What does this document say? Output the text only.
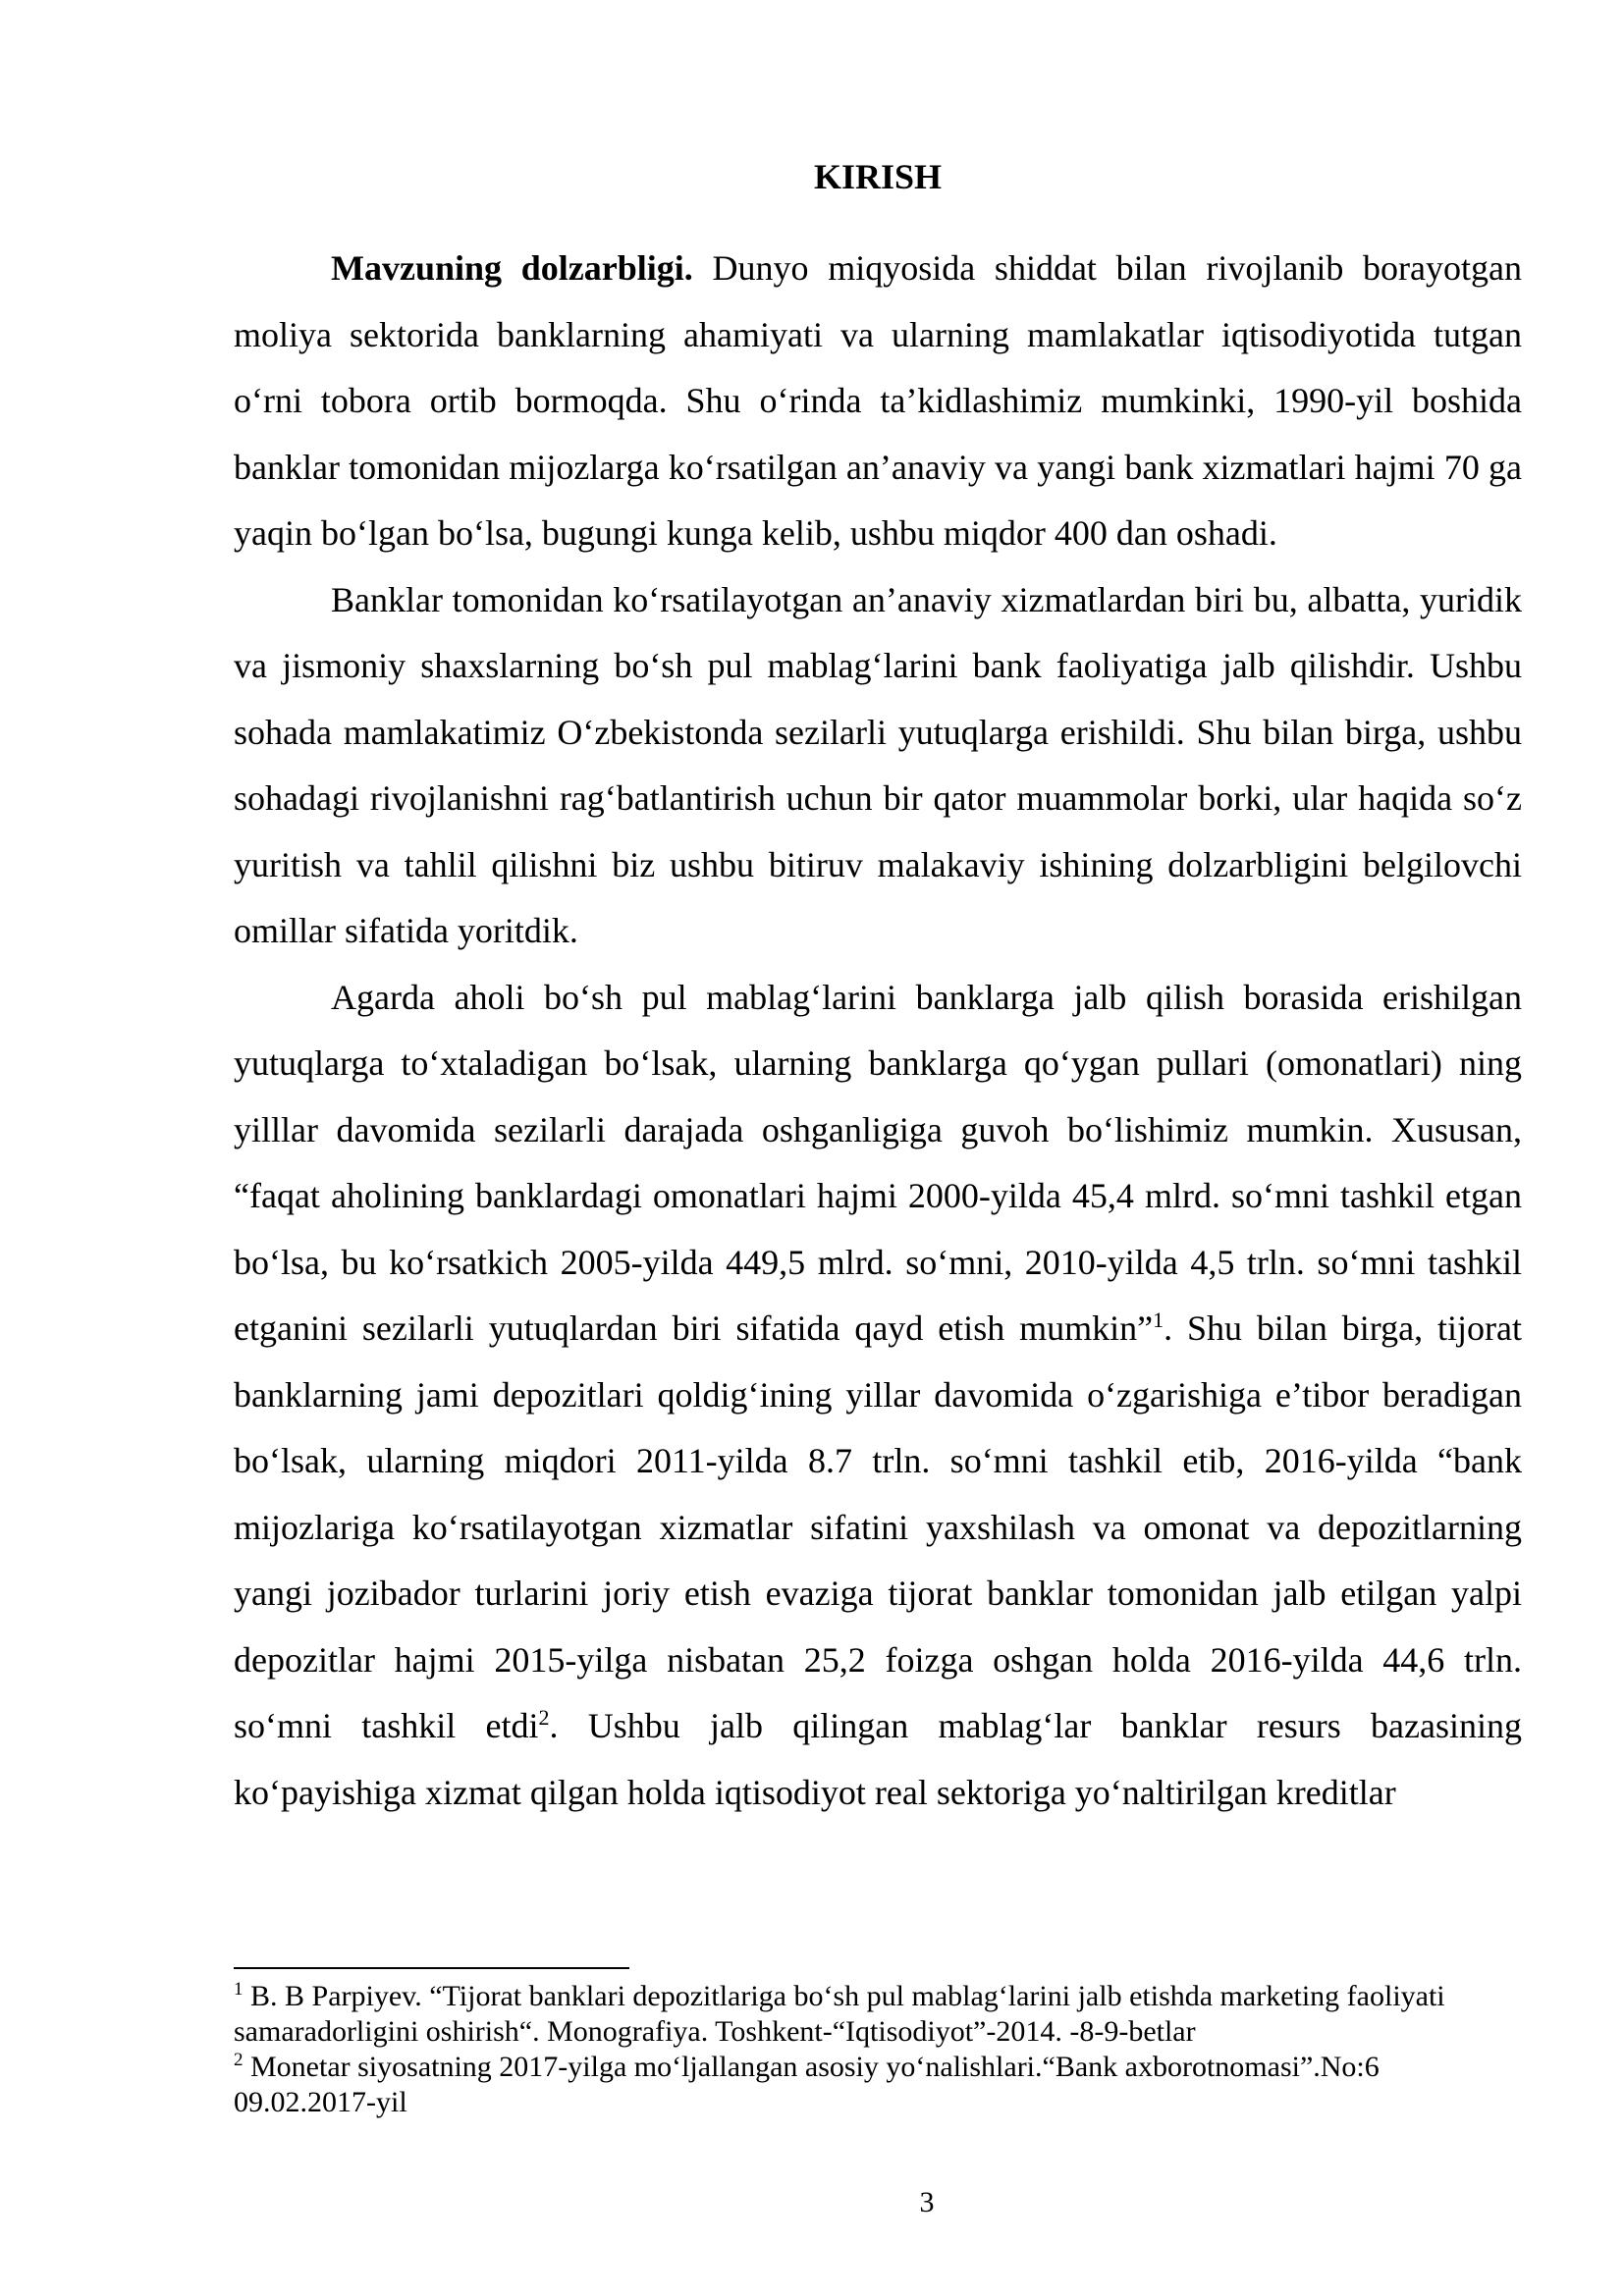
KIRISH

Mavzuning dolzarbligi. Dunyo miqyosida shiddat bilan rivojlanib borayotgan moliya sektorida banklarning ahamiyati va ularning mamlakatlar iqtisodiyotida tutgan o‘rni tobora ortib bormoqda. Shu o‘rinda ta’kidlashimiz mumkinki, 1990-yil boshida banklar tomonidan mijozlarga ko‘rsatilgan an’anaviy va yangi bank xizmatlari hajmi 70 ga yaqin bo‘lgan bo‘lsa, bugungi kunga kelib, ushbu miqdor 400 dan oshadi.

Banklar tomonidan ko‘rsatilayotgan an’anaviy xizmatlardan biri bu, albatta, yuridik va jismoniy shaxslarning bo‘sh pul mablag‘larini bank faoliyatiga jalb qilishdir. Ushbu sohada mamlakatimiz O‘zbekistonda sezilarli yutuqlarga erishildi. Shu bilan birga, ushbu sohadagi rivojlanishni rag‘batlantirish uchun bir qator muammolar borki, ular haqida so‘z yuritish va tahlil qilishni biz ushbu bitiruv malakaviy ishining dolzarbligini belgilovchi omillar sifatida yoritdik.

Agarda aholi bo‘sh pul mablag‘larini banklarga jalb qilish borasida erishilgan yutuqlarga to‘xtaladigan bo‘lsak, ularning banklarga qo‘ygan pullari (omonatlari) ning yilllar davomida sezilarli darajada oshganligiga guvoh bo‘lishimiz mumkin. Xususan, “faqat aholining banklardagi omonatlari hajmi 2000-yilda 45,4 mlrd. so‘mni tashkil etgan bo‘lsa, bu ko‘rsatkich 2005-yilda 449,5 mlrd. so‘mni, 2010-yilda 4,5 trln. so‘mni tashkil etganini sezilarli yutuqlardan biri sifatida qayd etish mumkin”$^1$. Shu bilan birga, tijorat banklarning jami depozitlari qoldig‘ining yillar davomida o‘zgarishiga e’tibor beradigan bo‘lsak, ularning miqdori 2011-yilda 8.7 trln. so‘mni tashkil etib, 2016-yilda “bank mijozlariga ko‘rsatilayotgan xizmatlar sifatini yaxshilash va omonat va depozitlarning yangi jozibador turlarini joriy etish evaziga tijorat banklar tomonidan jalb etilgan yalpi depozitlar hajmi 2015-yilga nisbatan 25,2 foizga oshgan holda 2016-yilda 44,6 trln. so‘mni tashkil etdi$^2$. Ushbu jalb qilingan mablag‘lar banklar resurs bazasining ko‘payishiga xizmat qilgan holda iqtisodiyot real sektoriga yo‘naltirilgan kreditlar

$^1$ B. B Parpiyev. “Tijorat banklari depozitlariga bo‘sh pul mablag‘larini jalb etishda marketing faoliyati samaradorligini oshirish“. Monografiya. Toshkent-“Iqtisodiyot”-2014. -8-9-betlar

$^2$ Monetar siyosatning 2017-yilga mo‘ljallangan asosiy yo‘nalishlari.“Bank axborotnomasi”.No:6 09.02.2017-yil

3
